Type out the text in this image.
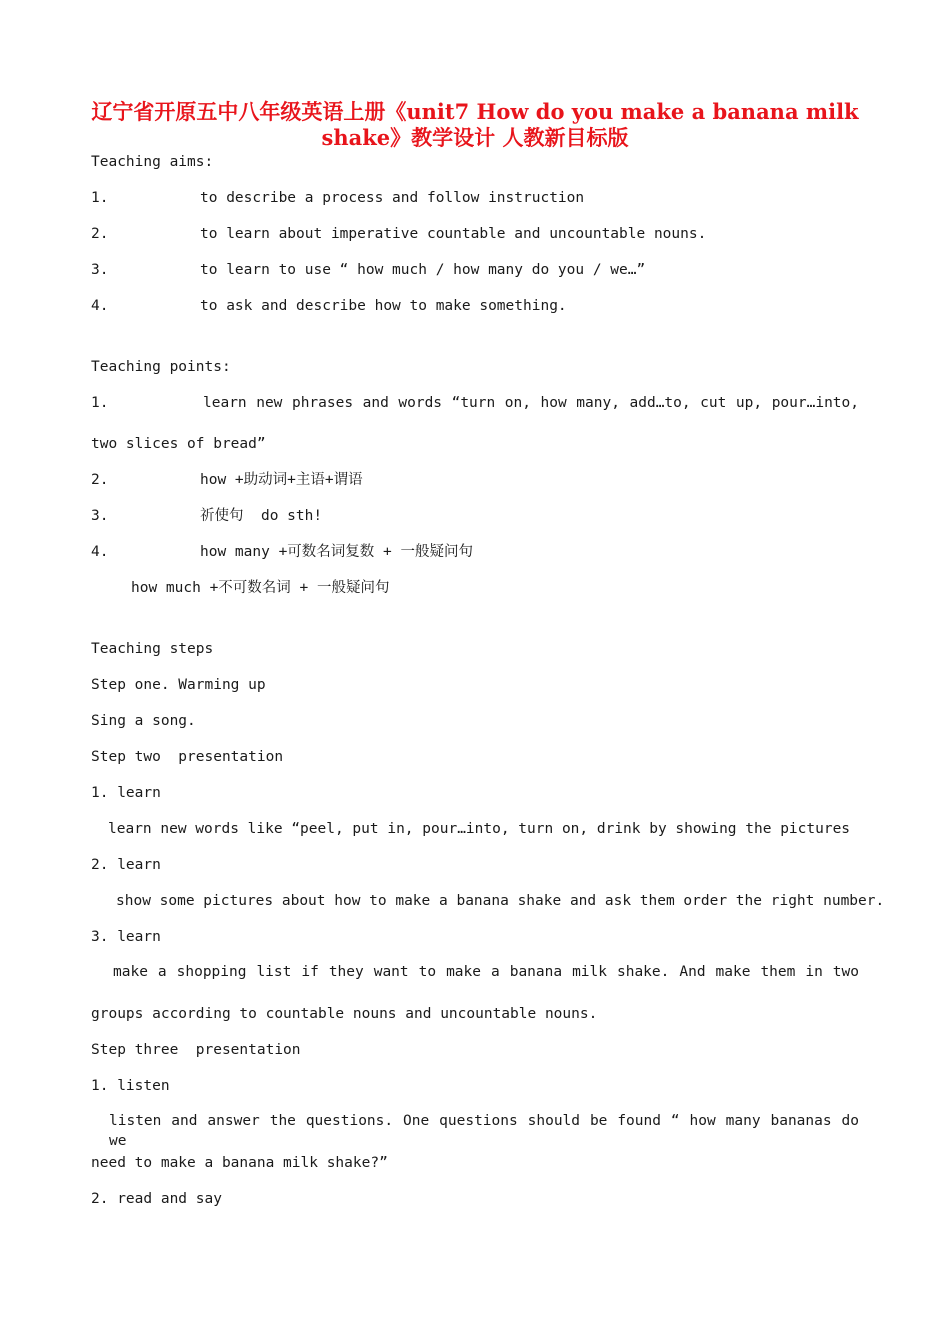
辽宁省开原五中八年级英语上册《unit7 How do you make a banana milk
shake》教学设计 人教新目标版
Teaching aims:
1.	to describe a process and follow instruction
2.	to learn about imperative countable and uncountable nouns.
3.	to learn to use “ how much / how many do you / we…”
4.	to ask and describe how to make something.
Teaching points:
1.	learn new phrases and words “turn on, how many, add…to, cut up, pour…into,
two slices of bread”
2.	how +助动词+主语+谓语
3.	祈使句  do sth!
4.	how many +可数名词复数 + 一般疑问句
how much +不可数名词 + 一般疑问句
Teaching steps
Step one. Warming up
Sing a song.
Step two  presentation
1. learn
learn new words like “peel, put in, pour…into, turn on, drink by showing the pictures
2. learn
show some pictures about how to make a banana shake and ask them order the right number.
3. learn
make a shopping list if they want to make a banana milk shake. And make them in two
groups according to countable nouns and uncountable nouns.
Step three  presentation
1. listen
listen and answer the questions. One questions should be found “ how many bananas do we
need to make a banana milk shake?”
2. read and say
